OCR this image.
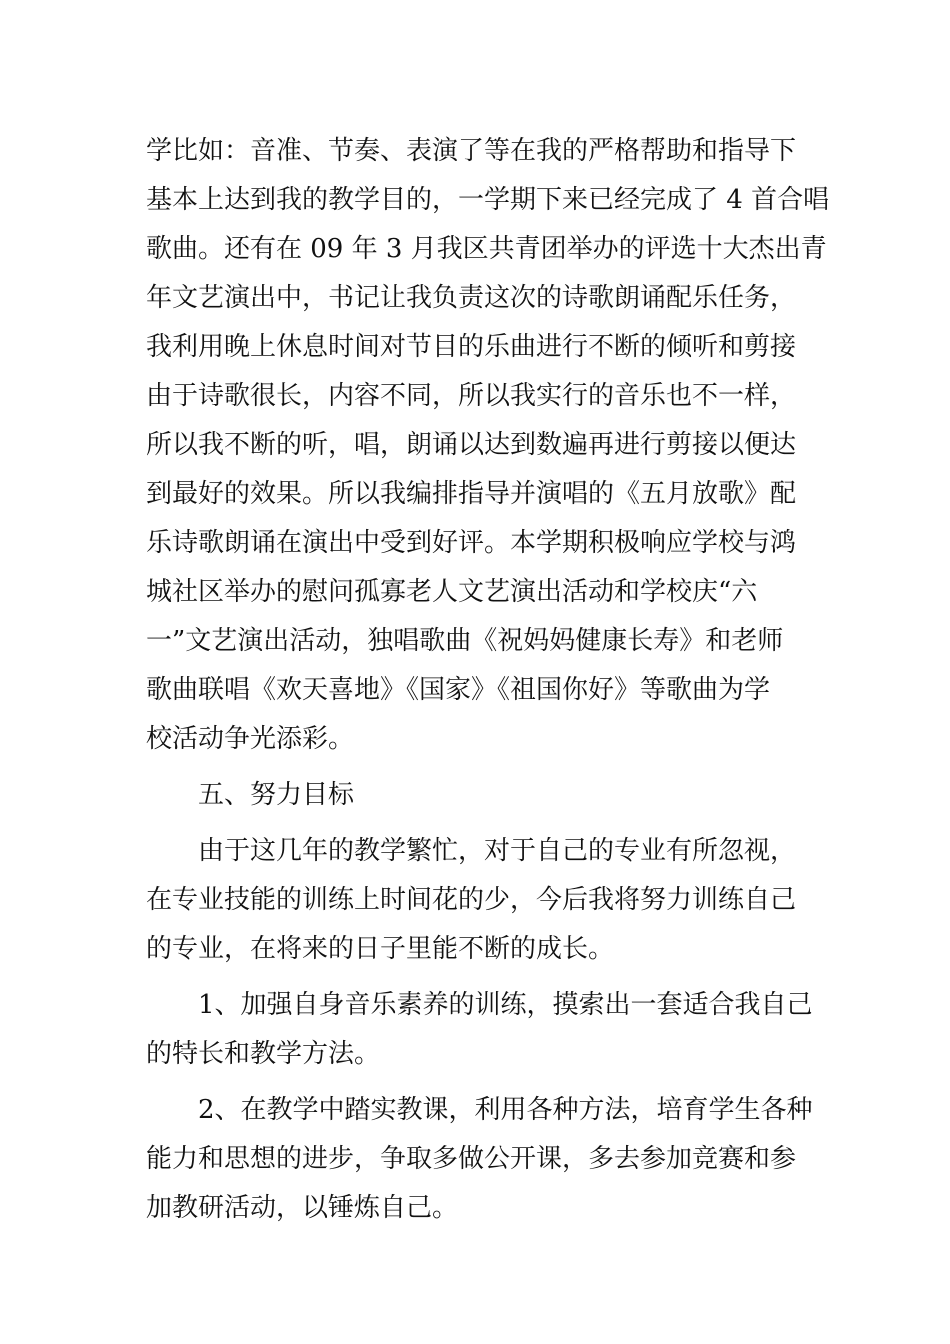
学比如：音准、节奏、表演了等在我的严格帮助和指导下
基本上达到我的教学目的，一学期下来已经完成了 4 首合唱
歌曲。还有在 09 年 3 月我区共青团举办的评选十大杰出青
年文艺演出中，书记让我负责这次的诗歌朗诵配乐任务，
我利用晚上休息时间对节目的乐曲进行不断的倾听和剪接
由于诗歌很长，内容不同，所以我实行的音乐也不一样，
所以我不断的听，唱，朗诵以达到数遍再进行剪接以便达
到最好的效果。所以我编排指导并演唱的《五月放歌》配
乐诗歌朗诵在演出中受到好评。本学期积极响应学校与鸿
城社区举办的慰问孤寡老人文艺演出活动和学校庆“六
一”文艺演出活动，独唱歌曲《祝妈妈健康长寿》和老师
歌曲联唱《欢天喜地》《国家》《祖国你好》等歌曲为学
校活动争光添彩。
五、努力目标
由于这几年的教学繁忙，对于自己的专业有所忽视，
在专业技能的训练上时间花的少，今后我将努力训练自己
的专业，在将来的日子里能不断的成长。
1、加强自身音乐素养的训练，摸索出一套适合我自己
的特长和教学方法。
2、在教学中踏实教课，利用各种方法，培育学生各种
能力和思想的进步，争取多做公开课，多去参加竞赛和参
加教研活动，以锤炼自己。
